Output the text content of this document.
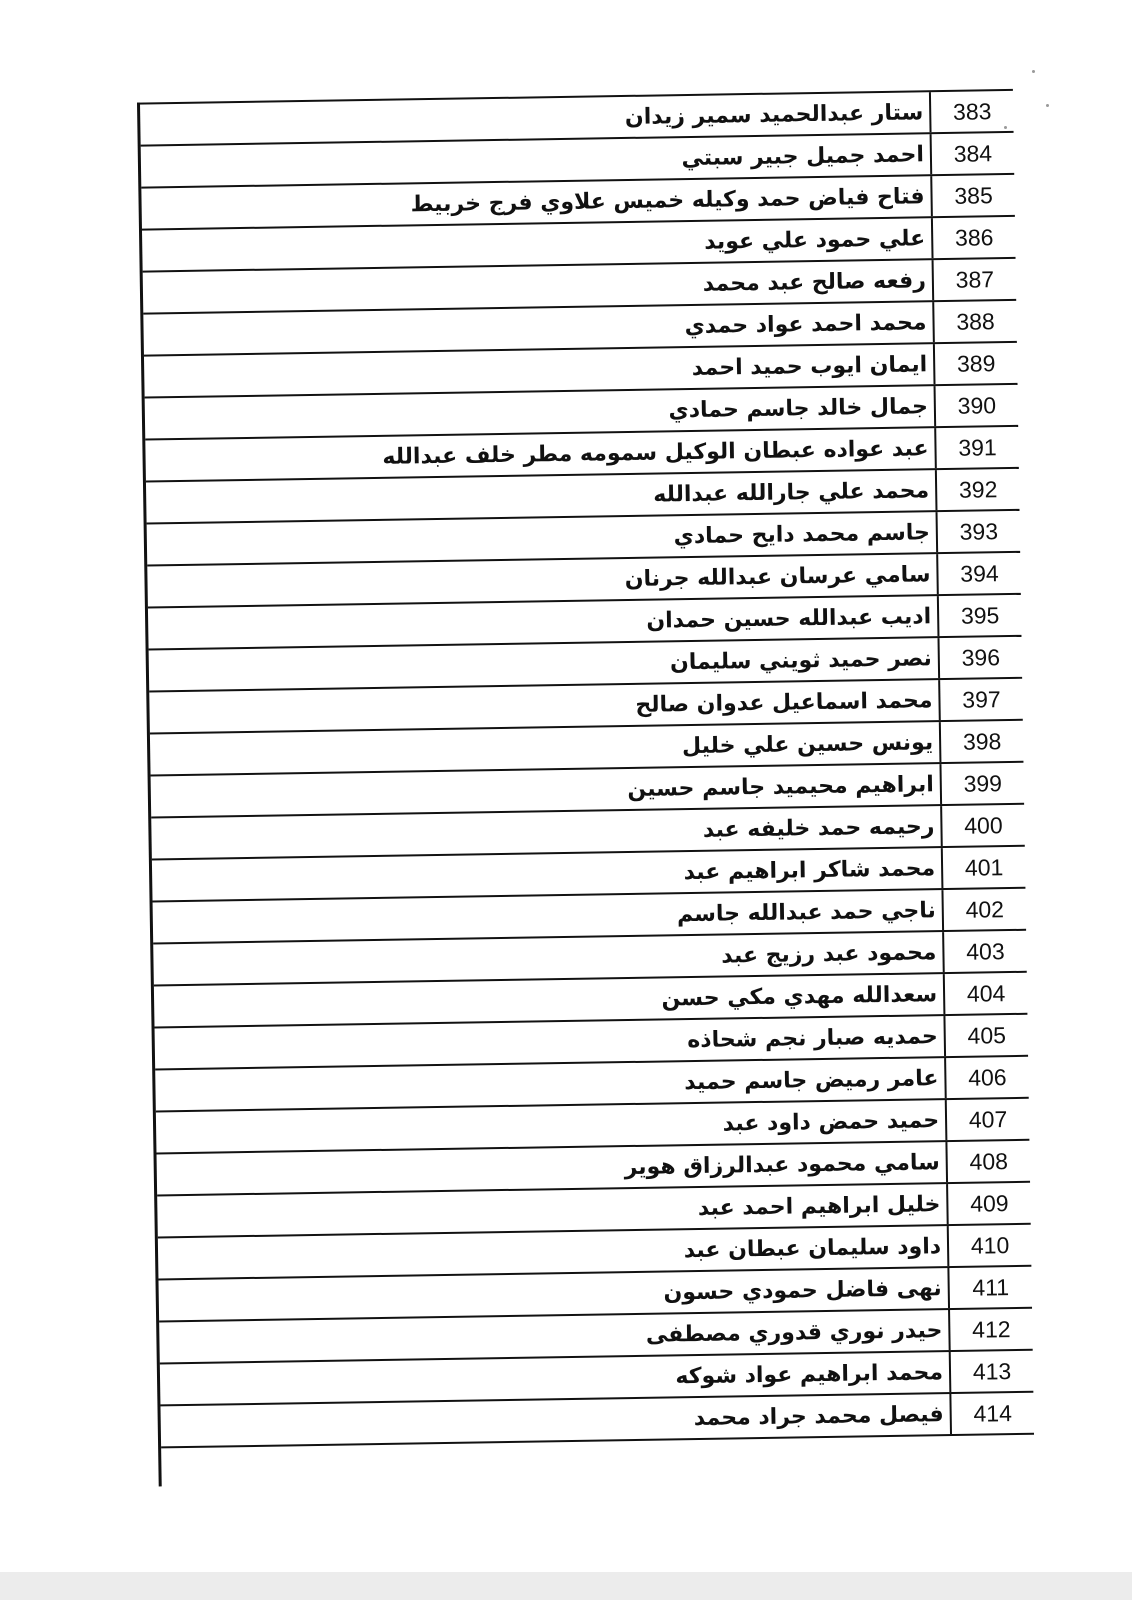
ستار عبدالحميد سمير زيدان	383
احمد جميل جبير سبتي	384
فتاح فياض حمد وكيله خميس علاوي فرج خربيط	385
علي حمود علي عويد	386
رفعه صالح عبد محمد	387
محمد احمد عواد حمدي	388
ايمان ايوب حميد احمد	389
جمال خالد جاسم حمادي	390
عبد عواده عبطان الوكيل سمومه مطر خلف عبدالله	391
محمد علي جارالله عبدالله	392
جاسم محمد دايح حمادي	393
سامي عرسان عبدالله جرنان	394
اديب عبدالله حسين حمدان	395
نصر حميد ثويني سليمان	396
محمد اسماعيل عدوان صالح	397
يونس حسين علي خليل	398
ابراهيم محيميد جاسم حسين	399
رحيمه حمد خليفه عبد	400
محمد شاكر ابراهيم عبد	401
ناجي حمد عبدالله جاسم	402
محمود عبد رزيج عبد	403
سعدالله مهدي مكي حسن	404
حمديه صبار نجم شحاذه	405
عامر رميض جاسم حميد	406
حميد حمض داود عبد	407
سامي محمود عبدالرزاق هوير	408
خليل ابراهيم احمد عبد	409
داود سليمان عبطان عبد	410
نهى فاضل حمودي حسون	411
حيدر نوري قدوري مصطفى	412
محمد ابراهيم عواد شوكه	413
فيصل محمد جراد محمد	414
